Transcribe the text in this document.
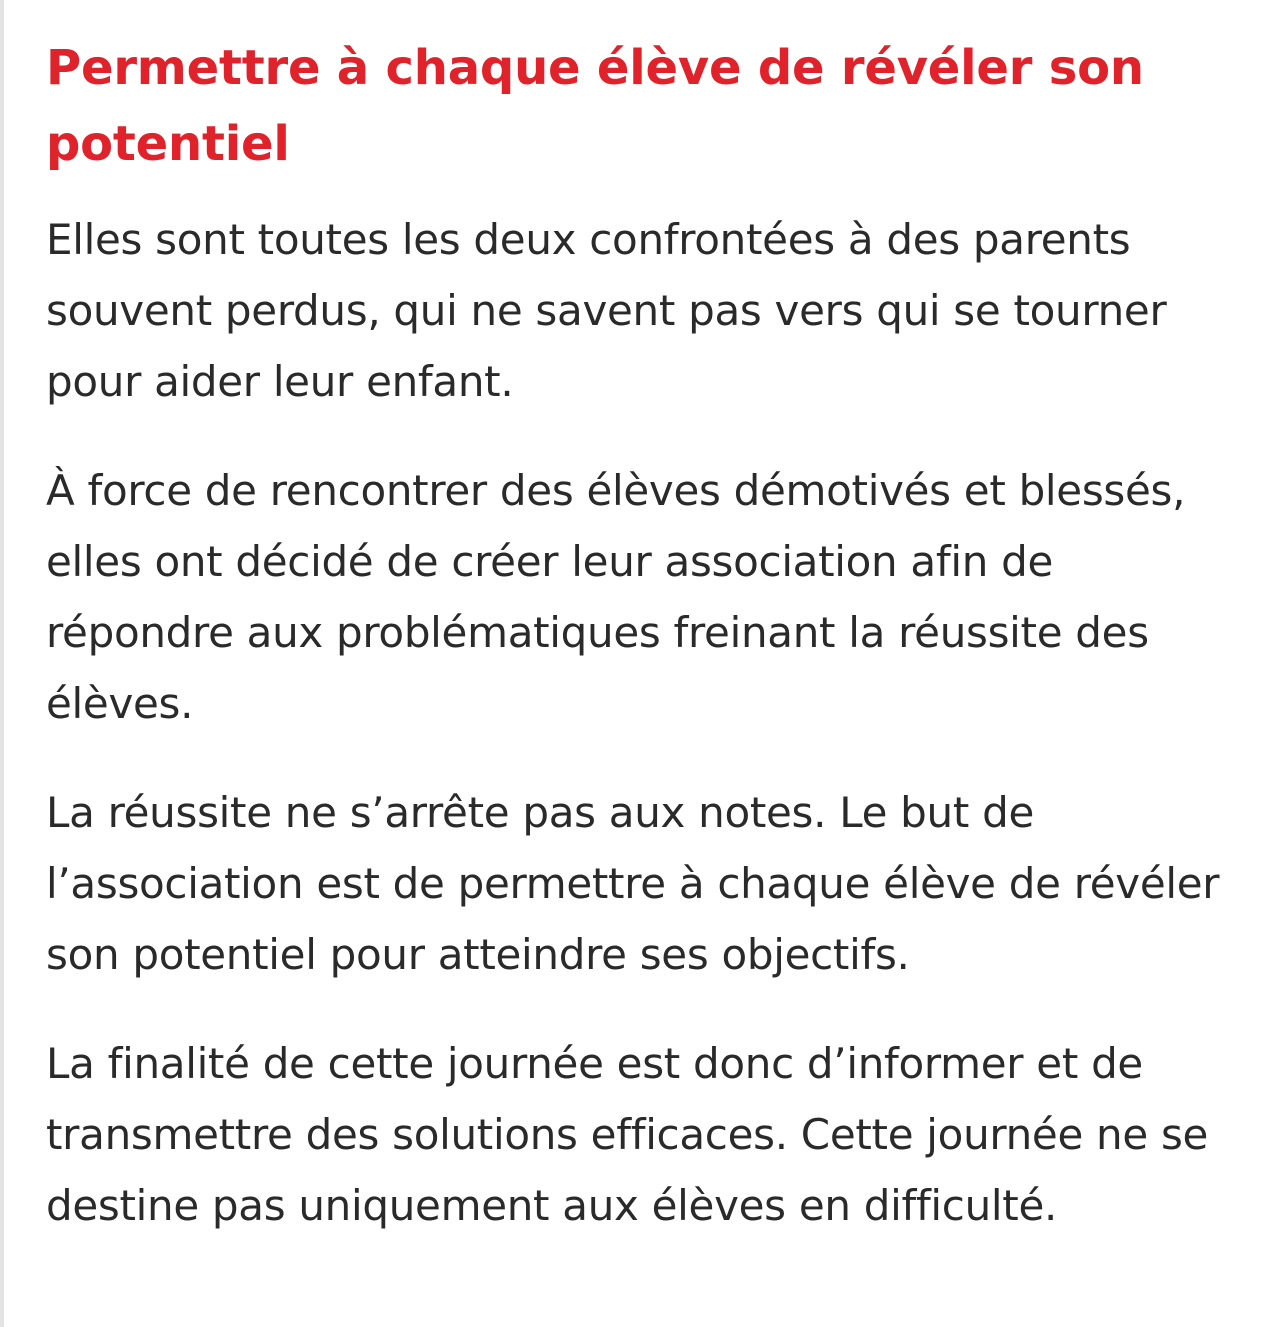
Permettre à chaque élève de révéler son potentiel

Elles sont toutes les deux confrontées à des parents souvent perdus, qui ne savent pas vers qui se tourner pour aider leur enfant.

À force de rencontrer des élèves démotivés et blessés, elles ont décidé de créer leur association afin de répondre aux problématiques freinant la réussite des élèves.

La réussite ne s’arrête pas aux notes. Le but de l’association est de permettre à chaque élève de révéler son potentiel pour atteindre ses objectifs.

La finalité de cette journée est donc d’informer et de transmettre des solutions efficaces. Cette journée ne se destine pas uniquement aux élèves en difficulté.
